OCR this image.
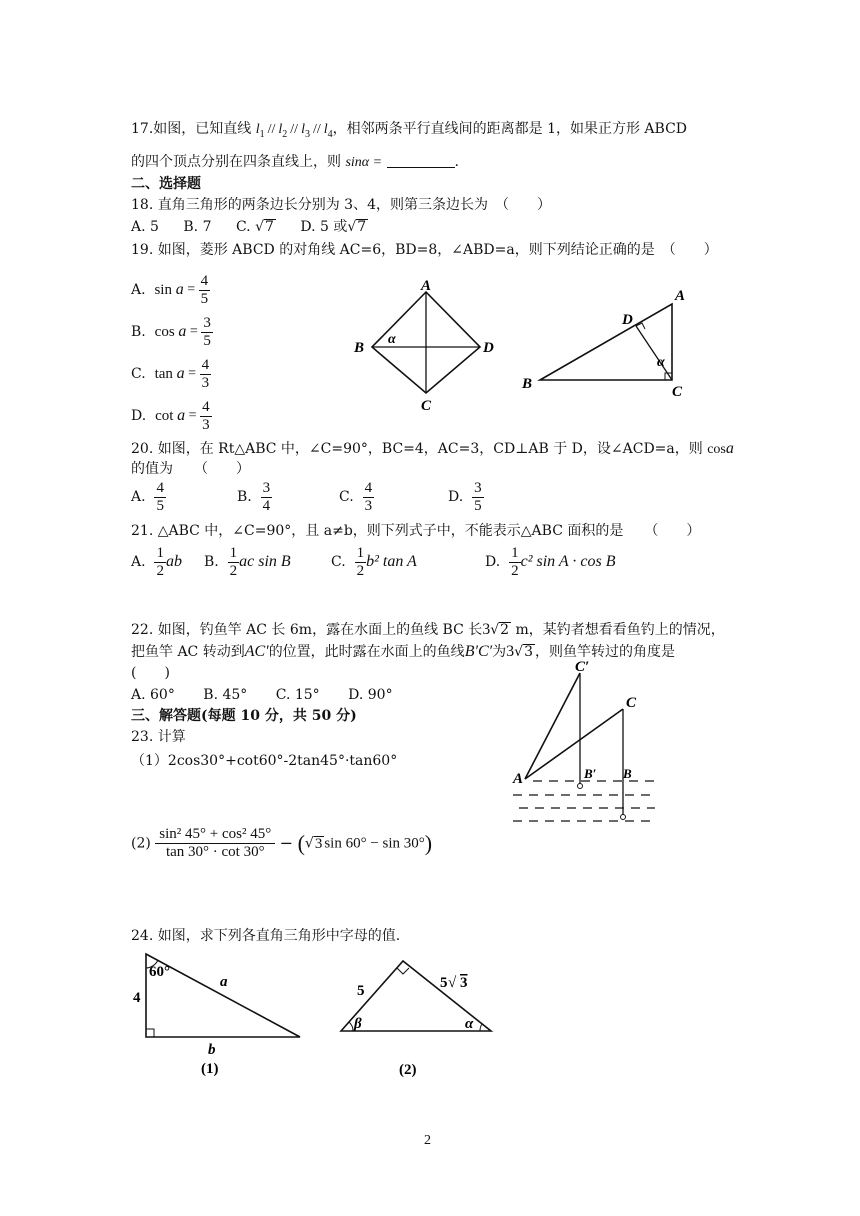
17.如图，已知直线 $l_1 // l_2 // l_3 // l_4$，相邻两条平行直线间的距离都是 1，如果正方形 ABCD
的四个顶点分别在四条直线上，则 sinα =	.
二、选择题
18. 直角三角形的两条边长分别为 3、4，则第三条边长为　（　　）
A. 5 B. 7 C. √7 D. 5 或√7
19. 如图，菱形 ABCD 的对角线 AC=6，BD=8，∠ABD=a，则下列结论正确的是　（　　）
A. $\sin a = \frac{4}{5}$
B. $\cos a = \frac{3}{5}$
C. $\tan a = \frac{4}{3}$
D. $\cot a = \frac{4}{3}$
A
B
C
D
α
A
B	C
D
α
20. 如图，在 Rt△ABC 中，∠C=90°，BC=4，AC=3，CD⊥AB 于 D，设∠ACD=a，则 cosa
的值为　　（　　）
A. $\frac{4}{5}$	B. $\frac{3}{4}$	C. $\frac{4}{3}$	D. $\frac{3}{5}$
21. △ABC 中，∠C=90°，且 a≠b，则下列式子中，不能表示△ABC 面积的是　　（　　）
A. $\frac{1}{2}$ ab B. $\frac{1}{2}$ ac sin B	C. $\frac{1}{2} b^2$ tan A	D. $\frac{1}{2} c^2$ sin A · cos B
22. 如图，钓鱼竿 AC 长 6m，露在水面上的鱼线 BC 长3√2 m，某钓者想看看鱼钓上的情况，
把鱼竿 AC 转动到AC′的位置，此时露在水面上的鱼线B′C′为3√3 ，则鱼竿转过的角度是
(　　)
A. 60° B. 45° C. 15° D. 90°
C′
C
A	B′ B
三、解答题(每题 10 分，共 50 分)
23. 计算
（1）2cos30°+cot60°-2tan45°·tan60°
$(2) \frac{\text{sin² 45° + cos² 45°}}{\tan 30^\circ \cdot \cot 30^\circ} - (√3$ sin 60° − sin 30°)
24. 如图，求下列各直角三角形中字母的值.
60°
4
(1)
a
b
5	5 √ 3
(2)
β	α
2
